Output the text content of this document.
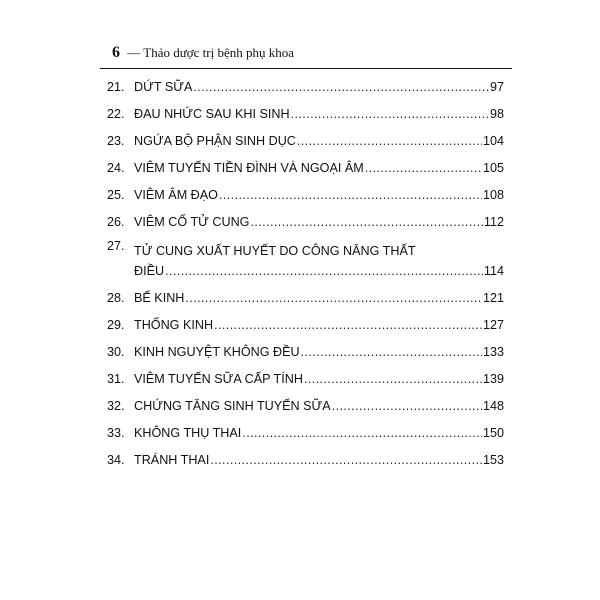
6 — Thảo dược trị bệnh phụ khoa
21. DỨT SỮA .....	97
22. ĐAU NHỨC SAU KHI SINH .....	98
23. NGỨA BỘ PHẬN SINH DỤC .....	104
24. VIÊM TUYẾN TIỀN ĐÌNH VÀ NGOẠI ÂM .....	105
25. VIÊM ÂM ĐẠO .....	108
26. VIÊM CỔ TỬ CUNG .....	112
27. TỬ CUNG XUẤT HUYẾT DO CÔNG NĂNG THẤT
ĐIỀU .....	114
28. BẾ KINH .....	121
29. THỐNG KINH .....	127
30. KINH NGUYỆT KHÔNG ĐỀU .....	133
31. VIÊM TUYẾN SỮA CẤP TÍNH .....	139
32. CHỨNG TĂNG SINH TUYẾN SỮA .....	148
33. KHÔNG THỤ THAI .....	150
34. TRÁNH THAI .....	153
